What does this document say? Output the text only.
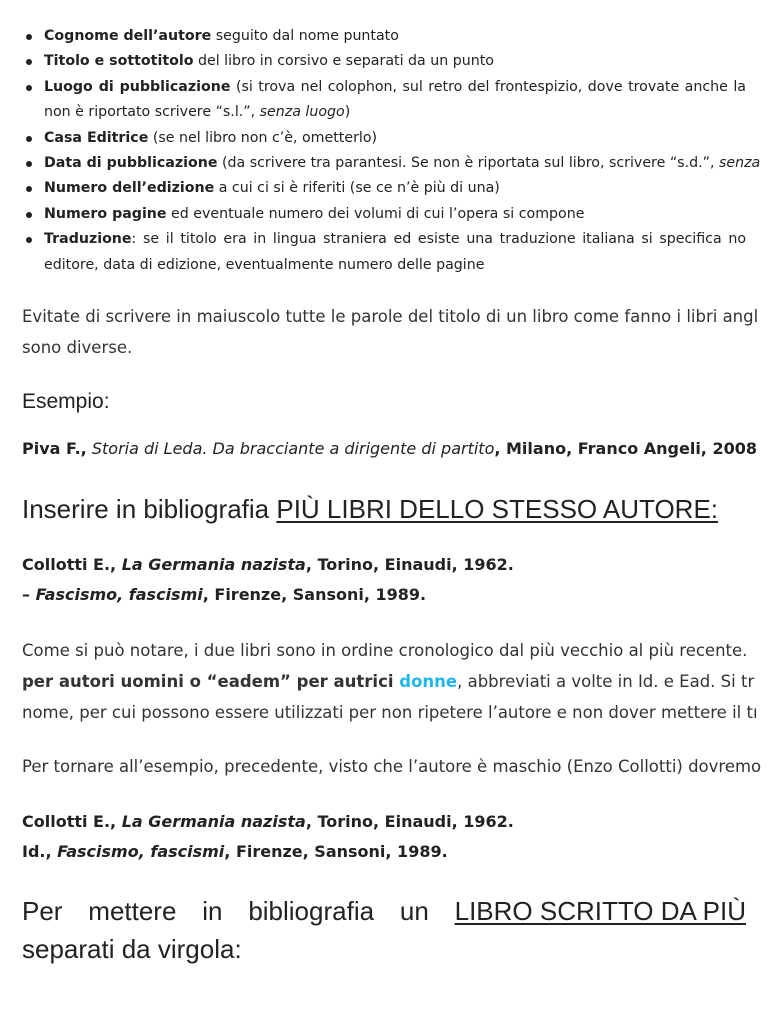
Cognome dell’autore seguito dal nome puntato
Titolo e sottotitolo del libro in corsivo e separati da un punto
Luogo di pubblicazione (si trova nel colophon, sul retro del frontespizio, dove trovate anche la
non è riportato scrivere “s.l.”, senza luogo)
Casa Editrice (se nel libro non c’è, ometterlo)
Data di pubblicazione (da scrivere tra parantesi. Se non è riportata sul libro, scrivere “s.d.”, senza
Numero dell’edizione a cui ci si è riferiti (se ce n’è più di una)
Numero pagine ed eventuale numero dei volumi di cui l’opera si compone
Traduzione: se il titolo era in lingua straniera ed esiste una traduzione italiana si specifica no
editore, data di edizione, eventualmente numero delle pagine
Evitate di scrivere in maiuscolo tutte le parole del titolo di un libro come fanno i libri angl
sono diverse.
Esempio:
Piva F., Storia di Leda. Da bracciante a dirigente di partito, Milano, Franco Angeli, 2008
Inserire in bibliografia PIÙ LIBRI DELLO STESSO AUTORE:
Collotti E., La Germania nazista, Torino, Einaudi, 1962.
– Fascismo, fascismi, Firenze, Sansoni, 1989.
Come si può notare, i due libri sono in ordine cronologico dal più vecchio al più recente.
per autori uomini o “eadem” per autrici donne, abbreviati a volte in Id. e Ead. Si tr
nome, per cui possono essere utilizzati per non ripetere l’autore e non dover mettere il tı
Per tornare all’esempio, precedente, visto che l’autore è maschio (Enzo Collotti) dovremo
Collotti E., La Germania nazista, Torino, Einaudi, 1962.
Id., Fascismo, fascismi, Firenze, Sansoni, 1989.
Per mettere in bibliografia un LIBRO SCRITTO DA PIÙ
separati da virgola:
